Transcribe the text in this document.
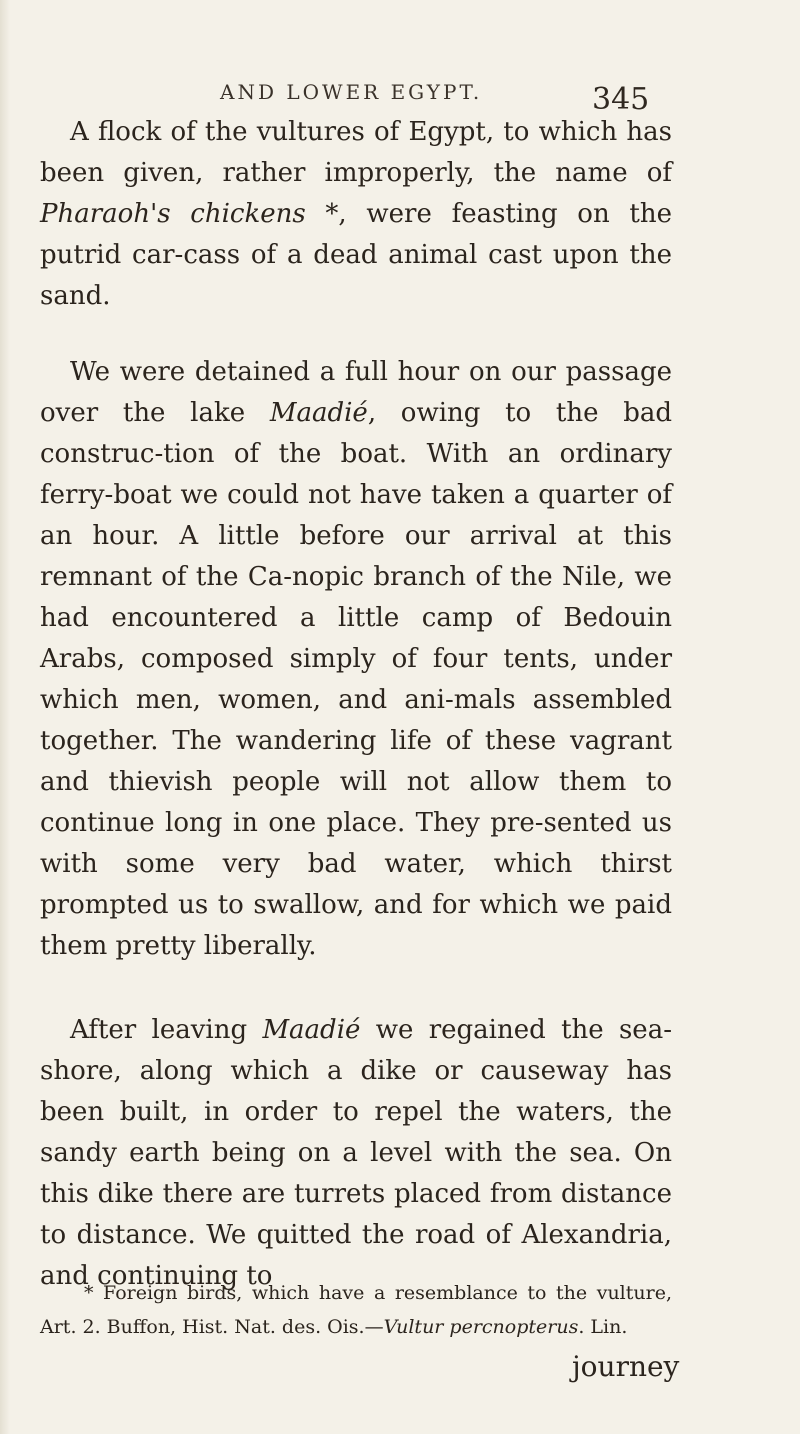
AND LOWER EGYPT.	345

A flock of the vultures of Egypt, to which has been given, rather improperly, the name of Pharaoh's chickens *, were feasting on the putrid car-cass of a dead animal cast upon the sand.

We were detained a full hour on our passage over the lake Maadié, owing to the bad construc-tion of the boat. With an ordinary ferry-boat we could not have taken a quarter of an hour. A little before our arrival at this remnant of the Ca-nopic branch of the Nile, we had encountered a little camp of Bedouin Arabs, composed simply of four tents, under which men, women, and ani-mals assembled together. The wandering life of these vagrant and thievish people will not allow them to continue long in one place. They pre-sented us with some very bad water, which thirst prompted us to swallow, and for which we paid them pretty liberally.

After leaving Maadié we regained the sea-shore, along which a dike or causeway has been built, in order to repel the waters, the sandy earth being on a level with the sea. On this dike there are turrets placed from distance to distance. We quitted the road of Alexandria, and continuing to

* Foreign birds, which have a resemblance to the vulture, Art. 2. Buffon, Hist. Nat. des. Ois.—Vultur percnopterus. Lin.

journey
